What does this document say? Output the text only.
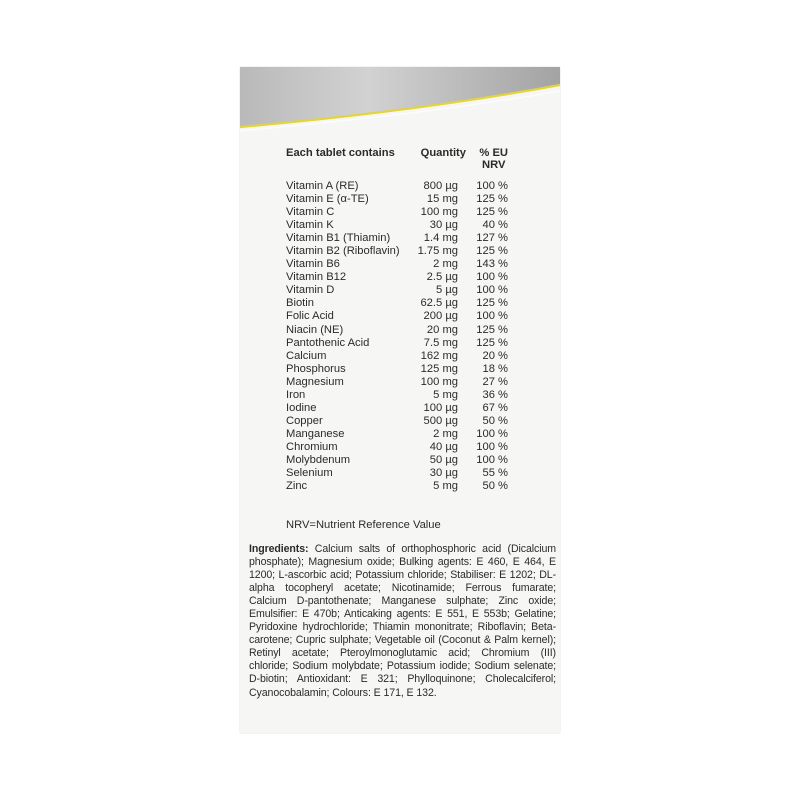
Each tablet contains	Quantity	% EU
NRV
Vitamin A (RE)	800 µg	100 %
Vitamin E (α-TE)	15 mg	125 %
Vitamin C	100 mg	125 %
Vitamin K	30 µg	40 %
Vitamin B1 (Thiamin)	1.4 mg	127 %
Vitamin B2 (Riboflavin)	1.75 mg	125 %
Vitamin B6	2 mg	143 %
Vitamin B12	2.5 µg	100 %
Vitamin D	5 µg	100 %
Biotin	62.5 µg	125 %
Folic Acid	200 µg	100 %
Niacin (NE)	20 mg	125 %
Pantothenic Acid	7.5 mg	125 %
Calcium	162 mg	20 %
Phosphorus	125 mg	18 %
Magnesium	100 mg	27 %
Iron	5 mg	36 %
Iodine	100 µg	67 %
Copper	500 µg	50 %
Manganese	2 mg	100 %
Chromium	40 µg	100 %
Molybdenum	50 µg	100 %
Selenium	30 µg	55 %
Zinc	5 mg	50 %
NRV=Nutrient Reference Value
Ingredients: Calcium salts of orthophosphoric acid (Dicalcium phosphate); Magnesium oxide; Bulking agents: E 460, E 464, E 1200; L-ascorbic acid; Potassium chloride; Stabiliser: E 1202; DL-alpha tocopheryl acetate; Nicotinamide; Ferrous fumarate; Calcium D-pantothenate; Manganese sulphate; Zinc oxide; Emulsifier: E 470b; Anticaking agents: E 551, E 553b; Gelatine; Pyridoxine hydrochloride; Thiamin mononitrate; Riboflavin; Beta-carotene; Cupric sulphate; Vegetable oil (Coconut & Palm kernel); Retinyl acetate; Pteroylmonoglutamic acid; Chromium (III) chloride; Sodium molybdate; Potassium iodide; Sodium selenate; D-biotin; Antioxidant: E 321; Phylloquinone; Cholecalciferol; Cyanocobalamin; Colours: E 171, E 132.
